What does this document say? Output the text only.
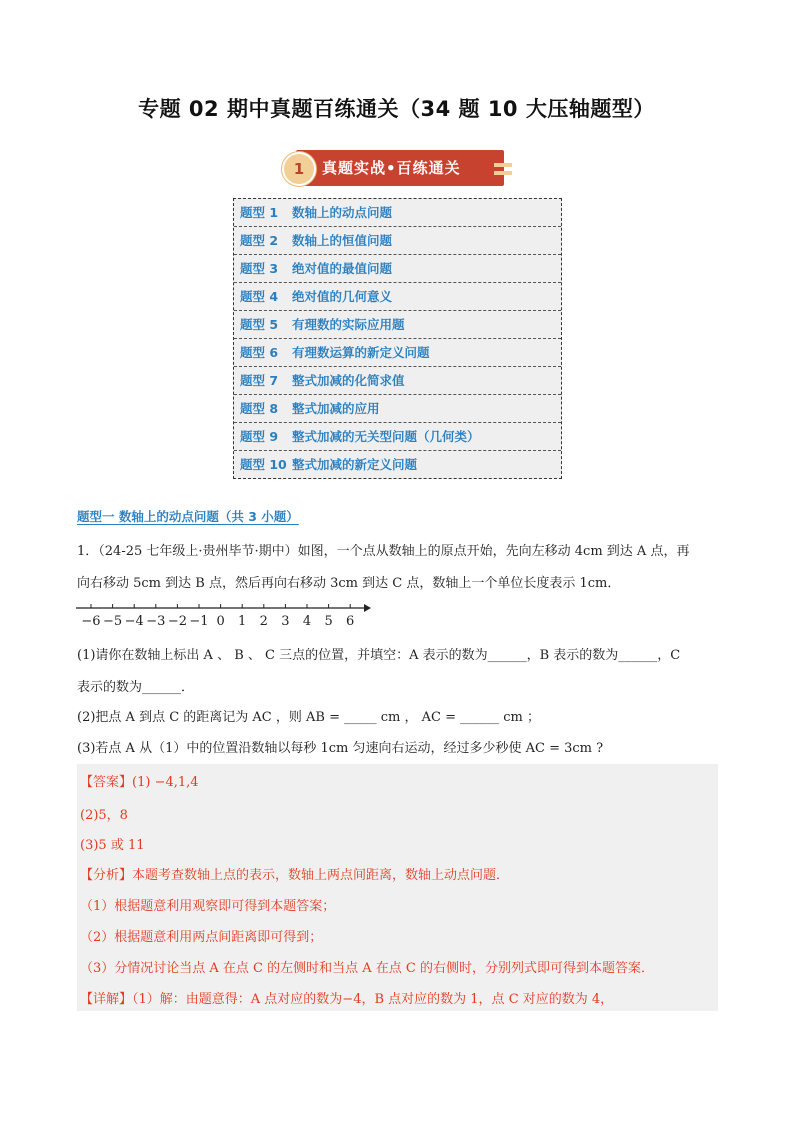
专题 02 期中真题百练通关（34 题 10 大压轴题型）
1	真题实战•百练通关
题型 1 数轴上的动点问题
题型 2 数轴上的恒值问题
题型 3 绝对值的最值问题
题型 4 绝对值的几何意义
题型 5 有理数的实际应用题
题型 6 有理数运算的新定义问题
题型 7 整式加减的化简求值
题型 8 整式加减的应用
题型 9 整式加减的无关型问题（几何类）
题型 10 整式加减的新定义问题
题型一 数轴上的动点问题（共 3 小题）
1．（24-25 七年级上·贵州毕节·期中）如图，一个点从数轴上的原点开始，先向左移动 4cm 到达 A 点，再
向右移动 5cm 到达 B 点，然后再向右移动 3cm 到达 C 点，数轴上一个单位长度表示 1cm．
−6 −5 −4 −3 −2 −1 0 1 2 3 4 5 6
(1)请你在数轴上标出 A 、 B 、 C 三点的位置，并填空：A 表示的数为______，B 表示的数为______，C
表示的数为______．
(2)把点 A 到点 C 的距离记为 AC ，则 AB = _____ cm ， AC = ______ cm ；
(3)若点 A 从（1）中的位置沿数轴以每秒 1cm 匀速向右运动，经过多少秒使 AC = 3cm ?
【答案】(1) −4,1,4
(2)5，8
(3)5 或 11
【分析】本题考查数轴上点的表示，数轴上两点间距离，数轴上动点问题．
（1）根据题意利用观察即可得到本题答案；
（2）根据题意利用两点间距离即可得到；
（3）分情况讨论当点 A 在点 C 的左侧时和当点 A 在点 C 的右侧时，分别列式即可得到本题答案．
【详解】（1）解：由题意得：A 点对应的数为−4，B 点对应的数为 1，点 C 对应的数为 4，
